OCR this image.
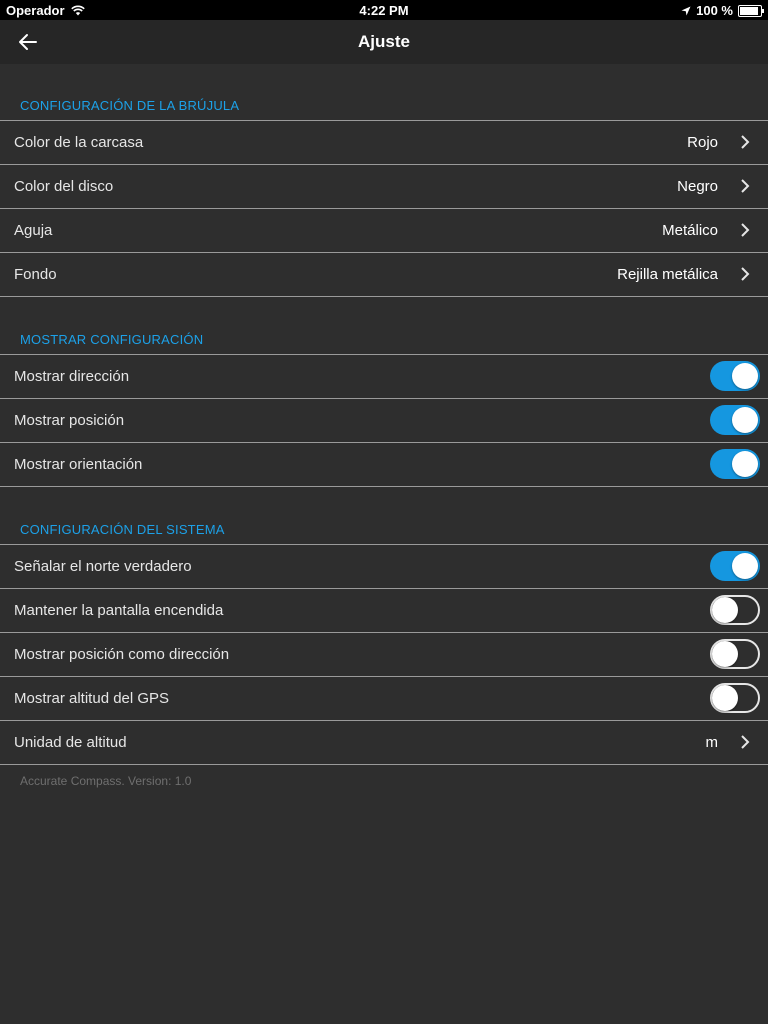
Operador	4:22 PM	100 %
Ajuste
CONFIGURACIÓN DE LA BRÚJULA
Color de la carcasa	Rojo
Color del disco	Negro
Aguja	Metálico
Fondo	Rejilla metálica
MOSTRAR CONFIGURACIÓN
Mostrar dirección
Mostrar posición
Mostrar orientación
CONFIGURACIÓN DEL SISTEMA
Señalar el norte verdadero
Mantener la pantalla encendida
Mostrar posición como dirección
Mostrar altitud del GPS
Unidad de altitud	m
Accurate Compass. Version: 1.0
